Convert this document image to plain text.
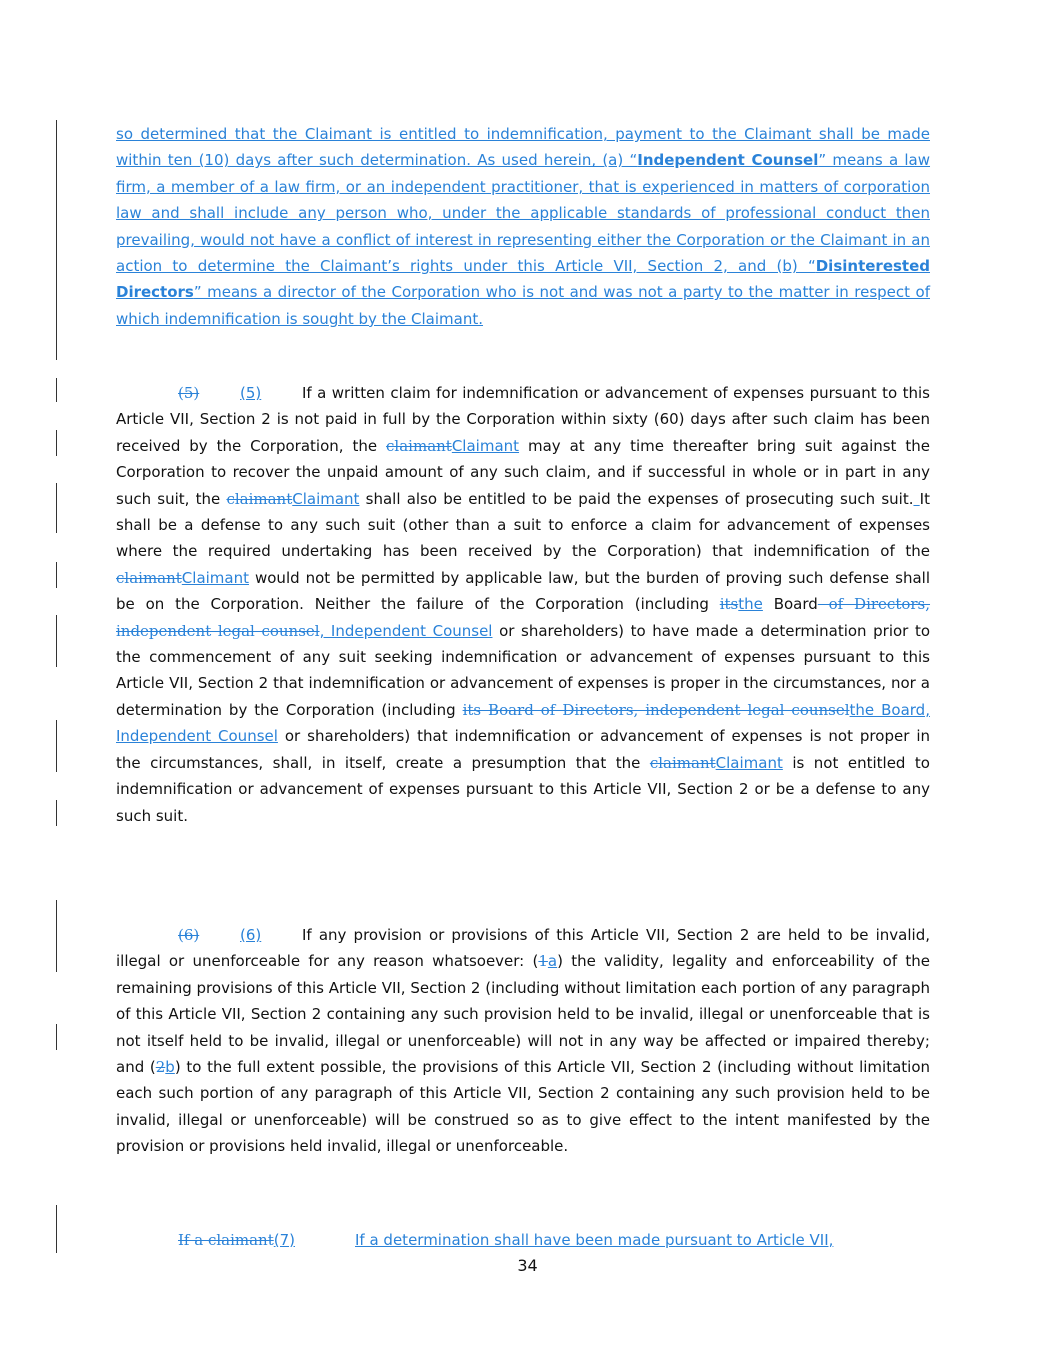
so determined that the Claimant is entitled to indemnification, payment to the Claimant shall be made within ten (10) days after such determination. As used herein, (a) “Independent Counsel” means a law firm, a member of a law firm, or an independent practitioner, that is experienced in matters of corporation law and shall include any person who, under the applicable standards of professional conduct then prevailing, would not have a conflict of interest in representing either the Corporation or the Claimant in an action to determine the Claimant’s rights under this Article VII, Section 2, and (b) “Disinterested Directors” means a director of the Corporation who is not and was not a party to the matter in respect of which indemnification is sought by the Claimant.

(5)	(5)	If a written claim for indemnification or advancement of expenses pursuant to this Article VII, Section 2 is not paid in full by the Corporation within sixty (60) days after such claim has been received by the Corporation, the claimantClaimant may at any time thereafter bring suit against the Corporation to recover the unpaid amount of any such claim, and if successful in whole or in part in any such suit, the claimantClaimant shall also be entitled to be paid the expenses of prosecuting such suit. It shall be a defense to any such suit (other than a suit to enforce a claim for advancement of expenses where the required undertaking has been received by the Corporation) that indemnification of the claimantClaimant would not be permitted by applicable law, but the burden of proving such defense shall be on the Corporation. Neither the failure of the Corporation (including itsthe Board of Directors, independent legal counsel, Independent Counsel or shareholders) to have made a determination prior to the commencement of any suit seeking indemnification or advancement of expenses pursuant to this Article VII, Section 2 that indemnification or advancement of expenses is proper in the circumstances, nor a determination by the Corporation (including its Board of Directors, independent legal counselthe Board, Independent Counsel or shareholders) that indemnification or advancement of expenses is not proper in the circumstances, shall, in itself, create a presumption that the claimantClaimant is not entitled to indemnification or advancement of expenses pursuant to this Article VII, Section 2 or be a defense to any such suit.

(6)	(6)	If any provision or provisions of this Article VII, Section 2 are held to be invalid, illegal or unenforceable for any reason whatsoever: (1a) the validity, legality and enforceability of the remaining provisions of this Article VII, Section 2 (including without limitation each portion of any paragraph of this Article VII, Section 2 containing any such provision held to be invalid, illegal or unenforceable that is not itself held to be invalid, illegal or unenforceable) will not in any way be affected or impaired thereby; and (2b) to the full extent possible, the provisions of this Article VII, Section 2 (including without limitation each such portion of any paragraph of this Article VII, Section 2 containing any such provision held to be invalid, illegal or unenforceable) will be construed so as to give effect to the intent manifested by the provision or provisions held invalid, illegal or unenforceable.

If a claimant(7)	If a determination shall have been made pursuant to Article VII,

34
